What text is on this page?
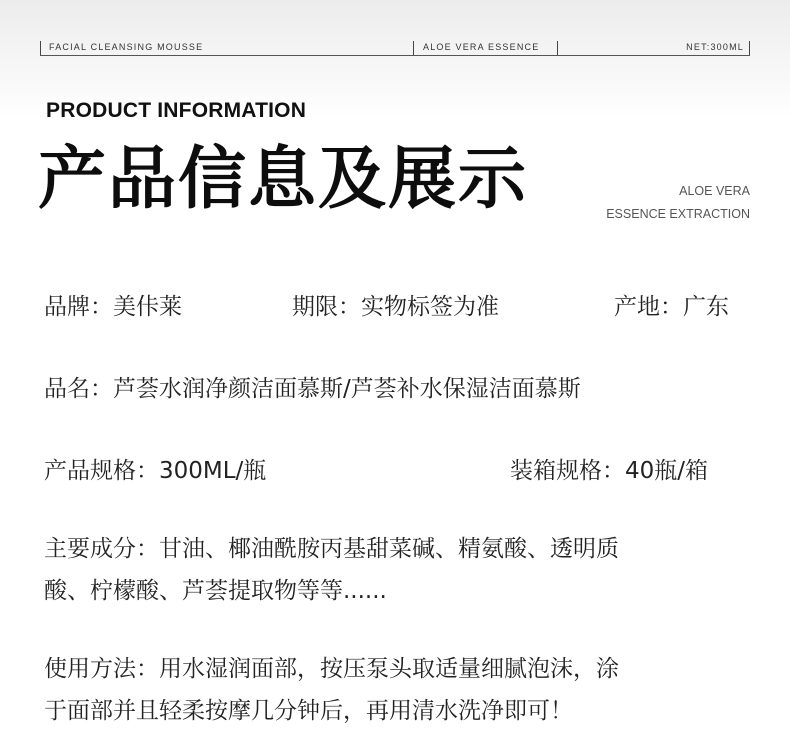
FACIAL CLEANSING MOUSSE	ALOE VERA ESSENCE	NET:300ML
PRODUCT INFORMATION
产品信息及展示	ALOE VERA
ESSENCE EXTRACTION
品牌：美佧莱	期限：实物标签为准	产地：广东
品名：芦荟水润净颜洁面慕斯/芦荟补水保湿洁面慕斯
产品规格：300ML/瓶	装箱规格：40瓶/箱
主要成分：甘油、椰油酰胺丙基甜菜碱、精氨酸、透明质
酸、柠檬酸、芦荟提取物等等......
使用方法：用水湿润面部，按压泵头取适量细腻泡沫，涂
于面部并且轻柔按摩几分钟后，再用清水洗净即可！
